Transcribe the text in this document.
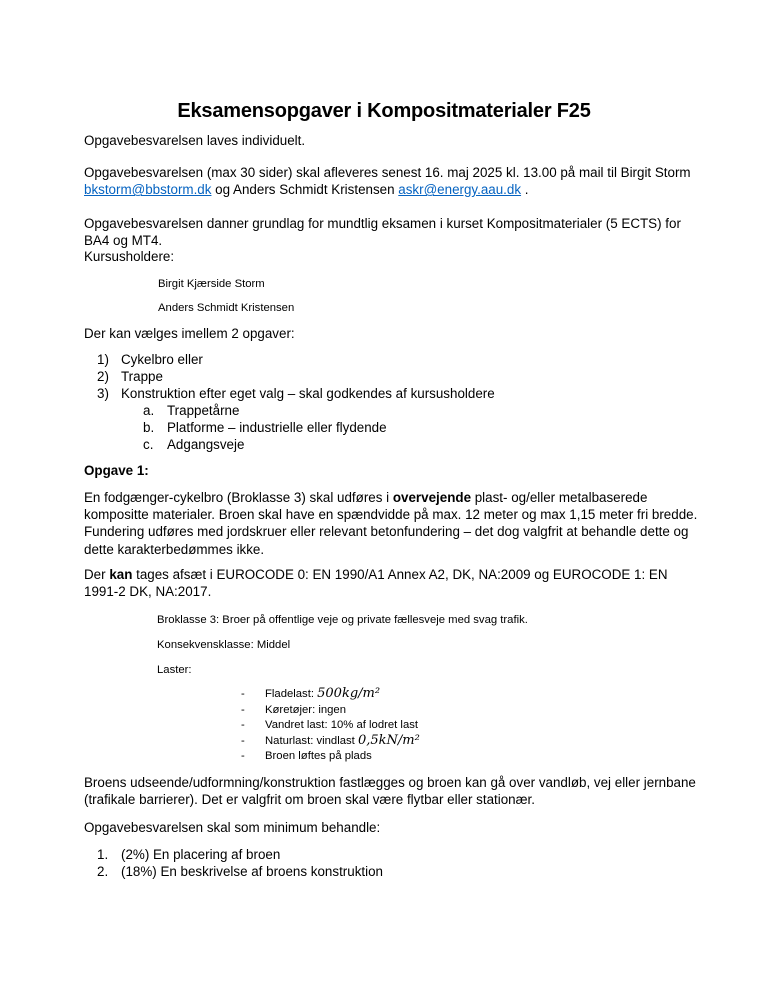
Eksamensopgaver i Kompositmaterialer F25
Opgavebesvarelsen laves individuelt.
Opgavebesvarelsen (max 30 sider) skal afleveres senest 16. maj 2025 kl. 13.00 på mail til Birgit Storm
bkstorm@bbstorm.dk og Anders Schmidt Kristensen askr@energy.aau.dk .
Opgavebesvarelsen danner grundlag for mundtlig eksamen i kurset Kompositmaterialer (5 ECTS) for BA4 og MT4.
Kursusholdere:
Birgit Kjærside Storm
Anders Schmidt Kristensen
Der kan vælges imellem 2 opgaver:
1) Cykelbro eller
2) Trappe
3) Konstruktion efter eget valg – skal godkendes af kursusholdere
a. Trappetårne
b. Platforme – industrielle eller flydende
c. Adgangsveje
Opgave 1:
En fodgænger-cykelbro (Broklasse 3) skal udføres i overvejende plast- og/eller metalbaserede kompositte materialer. Broen skal have en spændvidde på max. 12 meter og max 1,15 meter fri bredde. Fundering udføres med jordskruer eller relevant betonfundering – det dog valgfrit at behandle dette og dette karakterbedømmes ikke.
Der kan tages afsæt i EUROCODE 0: EN 1990/A1 Annex A2, DK, NA:2009 og EUROCODE 1: EN 1991-2 DK, NA:2017.
Broklasse 3: Broer på offentlige veje og private fællesveje med svag trafik.
Konsekvensklasse: Middel
Laster:
- Fladelast: 500kg/m²
- Køretøjer: ingen
- Vandret last: 10% af lodret last
- Naturlast: vindlast 0,5kN/m²
- Broen løftes på plads
Broens udseende/udformning/konstruktion fastlægges og broen kan gå over vandløb, vej eller jernbane (trafikale barrierer). Det er valgfrit om broen skal være flytbar eller stationær.
Opgavebesvarelsen skal som minimum behandle:
1. (2%) En placering af broen
2. (18%) En beskrivelse af broens konstruktion
